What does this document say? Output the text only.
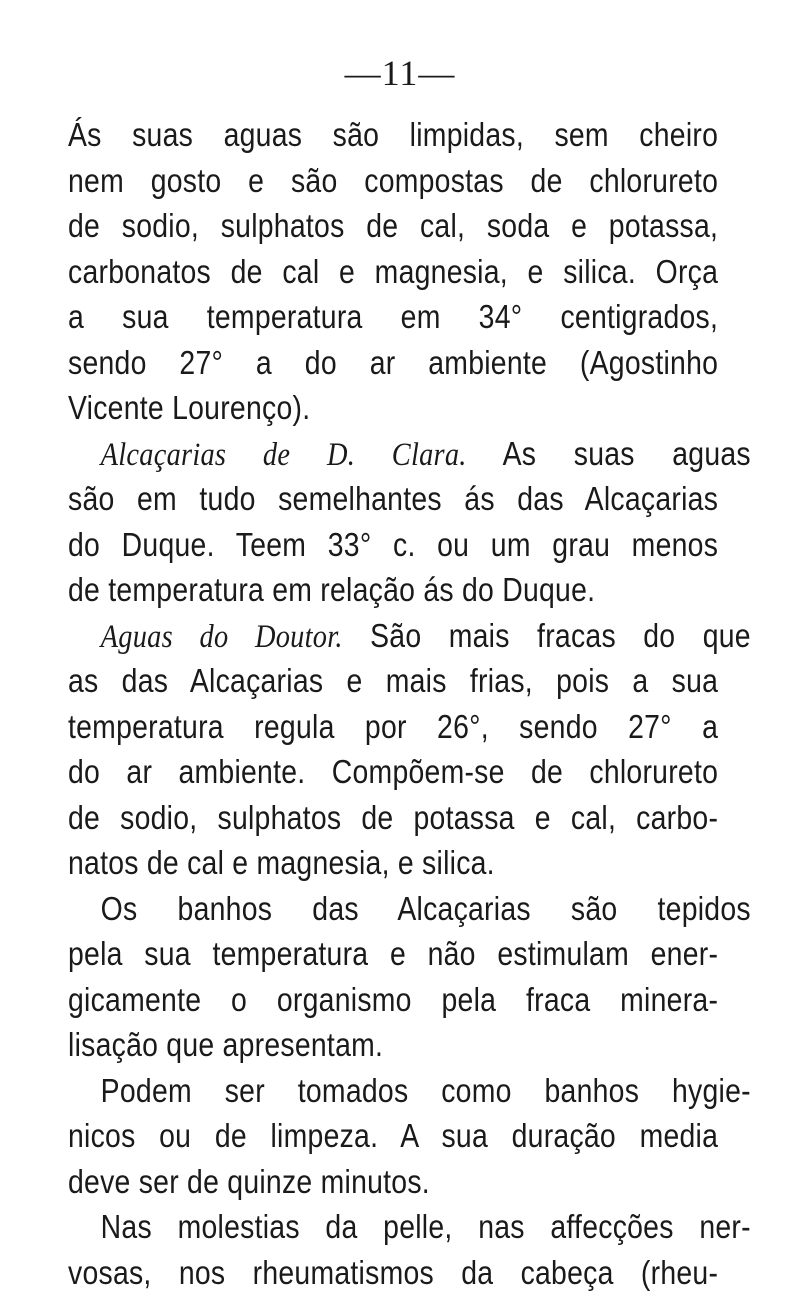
—11—
Ás suas aguas são limpidas, sem cheiro
nem gosto e são compostas de chlorureto
de sodio, sulphatos de cal, soda e potassa,
carbonatos de cal e magnesia, e silica. Orça
a sua temperatura em 34° centigrados,
sendo 27° a do ar ambiente (Agostinho
Vicente Lourenço).
Alcaçarias de D. Clara. As suas aguas
são em tudo semelhantes ás das Alcaçarias
do Duque. Teem 33° c. ou um grau menos
de temperatura em relação ás do Duque.
Aguas do Doutor. São mais fracas do que
as das Alcaçarias e mais frias, pois a sua
temperatura regula por 26°, sendo 27° a
do ar ambiente. Compõem-se de chlorureto
de sodio, sulphatos de potassa e cal, carbo-
natos de cal e magnesia, e silica.
Os banhos das Alcaçarias são tepidos
pela sua temperatura e não estimulam ener-
gicamente o organismo pela fraca minera-
lisação que apresentam.
Podem ser tomados como banhos hygie-
nicos ou de limpeza. A sua duração media
deve ser de quinze minutos.
Nas molestias da pelle, nas affecções ner-
vosas, nos rheumatismos da cabeça (rheu-
